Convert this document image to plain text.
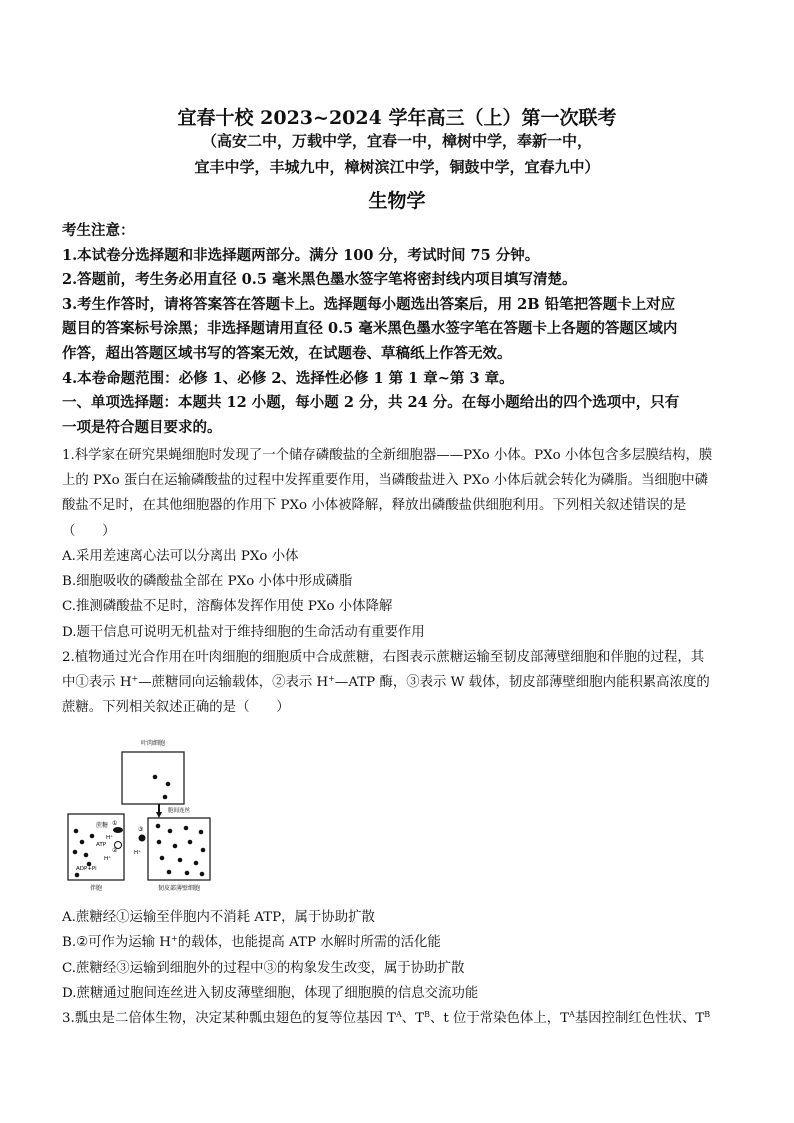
宜春十校 2023~2024 学年高三（上）第一次联考
（高安二中，万载中学，宜春一中，樟树中学，奉新一中，
宜丰中学，丰城九中，樟树滨江中学，铜鼓中学，宜春九中）
生物学

考生注意：

1.本试卷分选择题和非选择题两部分。满分 100 分，考试时间 75 分钟。

2.答题前，考生务必用直径 0.5 毫米黑色墨水签字笔将密封线内项目填写清楚。

3.考生作答时，请将答案答在答题卡上。选择题每小题选出答案后，用 2B 铅笔把答题卡上对应

题目的答案标号涂黑；非选择题请用直径 0.5 毫米黑色墨水签字笔在答题卡上各题的答题区域内

作答，超出答题区域书写的答案无效，在试题卷、草稿纸上作答无效。

4.本卷命题范围：必修 1、必修 2、选择性必修 1 第 1 章~第 3 章。

一、单项选择题：本题共 12 小题，每小题 2 分，共 24 分。在每小题给出的四个选项中，只有

一项是符合题目要求的。

1.科学家在研究果蝇细胞时发现了一个储存磷酸盐的全新细胞器——PXo 小体。PXo 小体包含多层膜结构，膜

上的 PXo 蛋白在运输磷酸盐的过程中发挥重要作用，当磷酸盐进入 PXo 小体后就会转化为磷脂。当细胞中磷

酸盐不足时，在其他细胞器的作用下 PXo 小体被降解，释放出磷酸盐供细胞利用。下列相关叙述错误的是

（　　）

A.采用差速离心法可以分离出 PXo 小体

B.细胞吸收的磷酸盐全部在 PXo 小体中形成磷脂

C.推测磷酸盐不足时，溶酶体发挥作用使 PXo 小体降解

D.题干信息可说明无机盐对于维持细胞的生命活动有重要作用

2.植物通过光合作用在叶肉细胞的细胞质中合成蔗糖，右图表示蔗糖运输至韧皮部薄壁细胞和伴胞的过程，其

中①表示 H+—蔗糖同向运输载体，②表示 H+—ATP 酶，③表示 W 载体，韧皮部薄壁细胞内能积累高浓度的

蔗糖。下列相关叙述正确的是（　　）

叶肉细胞
胞间连丝
伴胞	韧皮部薄壁细胞
蔗糖 ①
H⁺
ATP
②
H⁺
ADP+Pi
③
H⁺

A.蔗糖经①运输至伴胞内不消耗 ATP，属于协助扩散

B.②可作为运输 H+的载体，也能提高 ATP 水解时所需的活化能

C.蔗糖经③运输到细胞外的过程中③的构象发生改变，属于协助扩散

D.蔗糖通过胞间连丝进入韧皮薄壁细胞，体现了细胞膜的信息交流功能

3.瓢虫是二倍体生物，决定某种瓢虫翅色的复等位基因 $T^A$、$T^B$、t 位于常染色体上，$T^A$基因控制红色性状、$T^B$
